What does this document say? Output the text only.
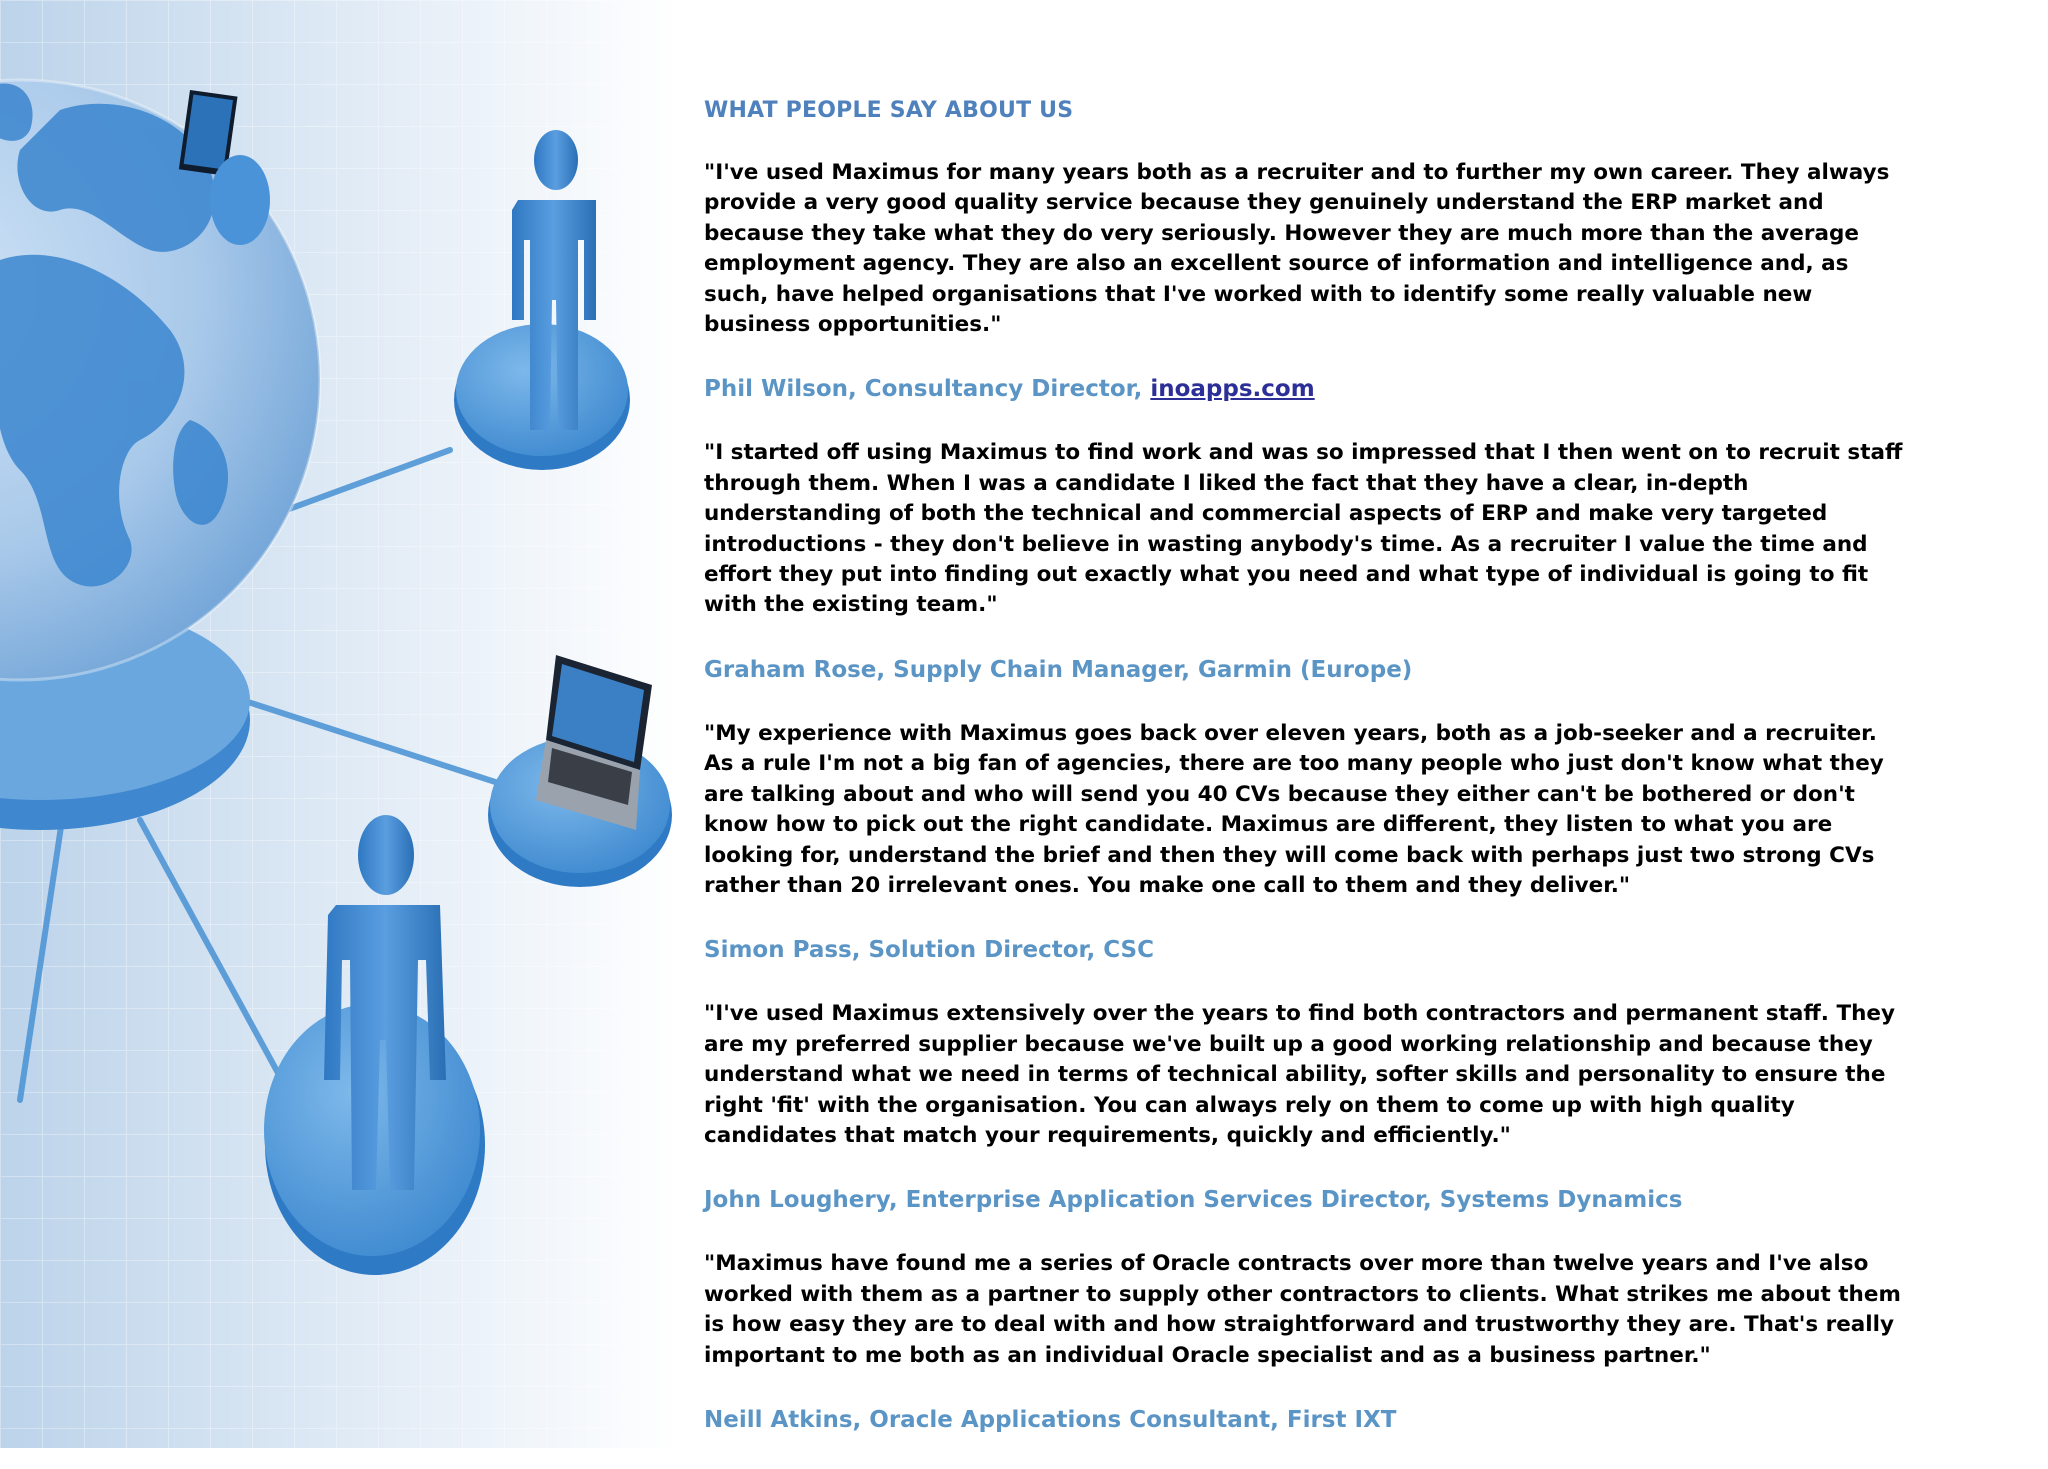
WHAT PEOPLE SAY ABOUT US
"I've used Maximus for many years both as a recruiter and to further my own career. They always provide a very good quality service because they genuinely understand the ERP market and because they take what they do very seriously. However they are much more than the average employment agency. They are also an excellent source of information and intelligence and, as such, have helped organisations that I've worked with to identify some really valuable new business opportunities."
Phil Wilson, Consultancy Director, inoapps.com
"I started off using Maximus to find work and was so impressed that I then went on to recruit staff through them. When I was a candidate I liked the fact that they have a clear, in-depth understanding of both the technical and commercial aspects of ERP and make very targeted introductions - they don't believe in wasting anybody's time. As a recruiter I value the time and effort they put into finding out exactly what you need and what type of individual is going to fit with the existing team."
Graham Rose, Supply Chain Manager, Garmin (Europe)
"My experience with Maximus goes back over eleven years, both as a job-seeker and a recruiter. As a rule I'm not a big fan of agencies, there are too many people who just don't know what they are talking about and who will send you 40 CVs because they either can't be bothered or don't know how to pick out the right candidate. Maximus are different, they listen to what you are looking for, understand the brief and then they will come back with perhaps just two strong CVs rather than 20 irrelevant ones. You make one call to them and they deliver."
Simon Pass, Solution Director, CSC
"I've used Maximus extensively over the years to find both contractors and permanent staff. They are my preferred supplier because we've built up a good working relationship and because they understand what we need in terms of technical ability, softer skills and personality to ensure the right 'fit' with the organisation. You can always rely on them to come up with high quality candidates that match your requirements, quickly and efficiently."
John Loughery, Enterprise Application Services Director, Systems Dynamics
"Maximus have found me a series of Oracle contracts over more than twelve years and I've also worked with them as a partner to supply other contractors to clients. What strikes me about them is how easy they are to deal with and how straightforward and trustworthy they are. That's really important to me both as an individual Oracle specialist and as a business partner."
Neill Atkins, Oracle Applications Consultant, First IXT
